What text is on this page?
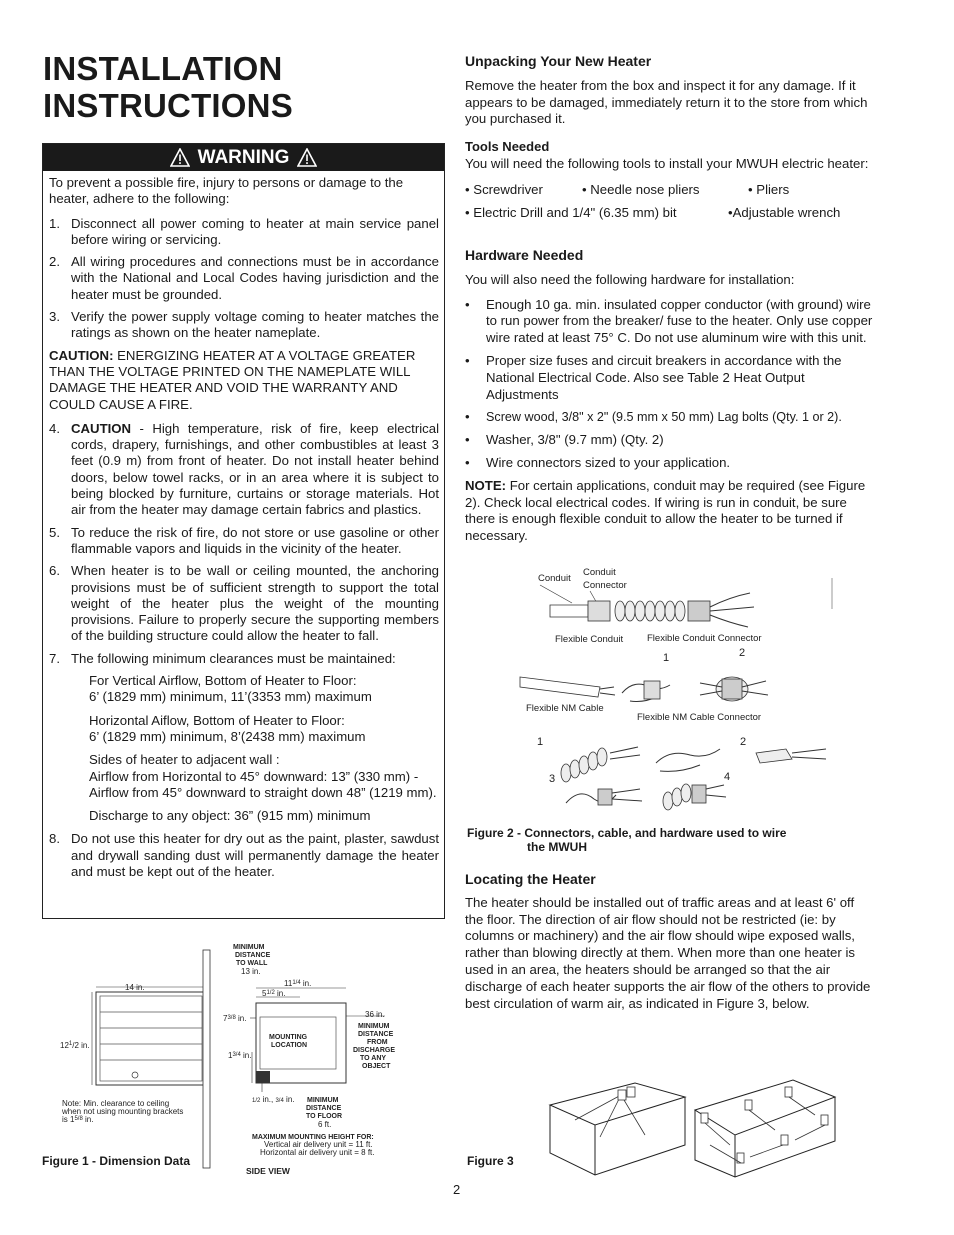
INSTALLATION
INSTRUCTIONS
WARNING

To prevent a possible fire, injury to persons or damage to the heater, adhere to the following:

1. Disconnect all power coming to heater at main service panel before wiring or servicing.
2. All wiring procedures and connections must be in accordance with the National and Local Codes having jurisdiction and the heater must be grounded.
3. Verify the power supply voltage coming to heater matches the ratings as shown on the heater nameplate.

CAUTION: ENERGIZING HEATER AT A VOLTAGE GREATER THAN THE VOLTAGE PRINTED ON THE NAMEPLATE WILL DAMAGE THE HEATER AND VOID THE WARRANTY AND COULD CAUSE A FIRE.

4. CAUTION - High temperature, risk of fire, keep electrical cords, drapery, furnishings, and other combustibles at least 3 feet (0.9 m) from front of heater. Do not install heater behind doors, below towel racks, or in an area where it is subject to being blocked by furniture, curtains or storage materials. Hot air from the heater may damage certain fabrics and plastics.
5. To reduce the risk of fire, do not store or use gasoline or other flammable vapors and liquids in the vicinity of the heater.
6. When heater is to be wall or ceiling mounted, the anchoring provisions must be of sufficient strength to support the total weight of the heater plus the weight of the mounting provisions. Failure to properly secure the supporting members of the building structure could allow the heater to fall.
7. The following minimum clearances must be maintained:
For Vertical Airflow, Bottom of Heater to Floor:
6’ (1829 mm) minimum, 11’(3353 mm) maximum
Horizontal Aiflow, Bottom of Heater to Floor:
6’ (1829 mm) minimum, 8’(2438 mm) maximum
Sides of heater to adjacent wall :
Airflow from Horizontal to 45° downward: 13” (330 mm) - Airflow from 45° downward to straight down 48” (1219 mm).
Discharge to any object: 36” (915 mm) minimum
8. Do not use this heater for dry out as the paint, plaster, sawdust and drywall sanding dust will permanently damage the heater and must be kept out of the heater.
14 in.
$12^1/2$ in.
Note: Min. clearance to ceiling
when not using mounting brackets
is $1^{5/8}$ in.
MINIMUM
DISTANCE
TO WALL
13 in.
MOUNTING
LOCATION
$11^{1/4}$ in.
$5^{1/2}$ in.
$7^{3/8}$ in.
$1^{3/4}$ in.
36 in.
MINIMUM
DISTANCE
FROM
DISCHARGE
TO ANY
OBJECT
1/2 in., 3/4 in. MINIMUM
DISTANCE
TO FLOOR
6 ft.
MAXIMUM MOUNTING HEIGHT FOR:
Vertical air delivery unit = 11 ft.
Horizontal air delivery unit = 8 ft.
SIDE VIEW
Figure 1 - Dimension Data
Unpacking Your New Heater
Remove the heater from the box and inspect it for any damage. If it appears to be damaged, immediately return it to the store from which you purchased it.
Tools Needed
You will need the following tools to install your MWUH electric heater:
• Screwdriver	• Needle nose pliers	• Pliers
• Electric Drill and 1/4" (6.35 mm) bit	•Adjustable wrench
Hardware Needed
You will also need the following hardware for installation:
•	Enough 10 ga. min. insulated copper conductor (with ground) wire to run power from the breaker/ fuse to the heater. Only use copper wire rated at least 75° C. Do not use aluminum wire with this unit.
•	Proper size fuses and circuit breakers in accordance with the National Electrical Code. Also see Table 2 Heat Output Adjustments
•	Screw wood, 3/8" x 2" (9.5 mm x 50 mm) Lag bolts (Qty. 1 or 2).
•	Washer, 3/8" (9.7 mm) (Qty. 2)
•	Wire connectors sized to your application.
NOTE: For certain applications, conduit may be required (see Figure 2). Check local electrical codes. If wiring is run in conduit, be sure there is enough flexible conduit to allow the heater to be turned if necessary.
Conduit
Conduit
Connector
Flexible Conduit	Flexible Conduit Connector
1	2
Flexible NM Cable
Flexible NM Cable Connector
1	2
3	4
Figure 2 - Connectors, cable, and hardware used to wire
the MWUH
Locating the Heater
The heater should be installed out of traffic areas and at least 6' off the floor. The direction of air flow should not be restricted (ie: by columns or machinery) and the air flow should wipe exposed walls, rather than blowing directly at them. When more than one heater is used in an area, the heaters should be arranged so that the air discharge of each heater supports the air flow of the others to provide best circulation of warm air, as indicated in Figure 3, below.
Figure 3
2
